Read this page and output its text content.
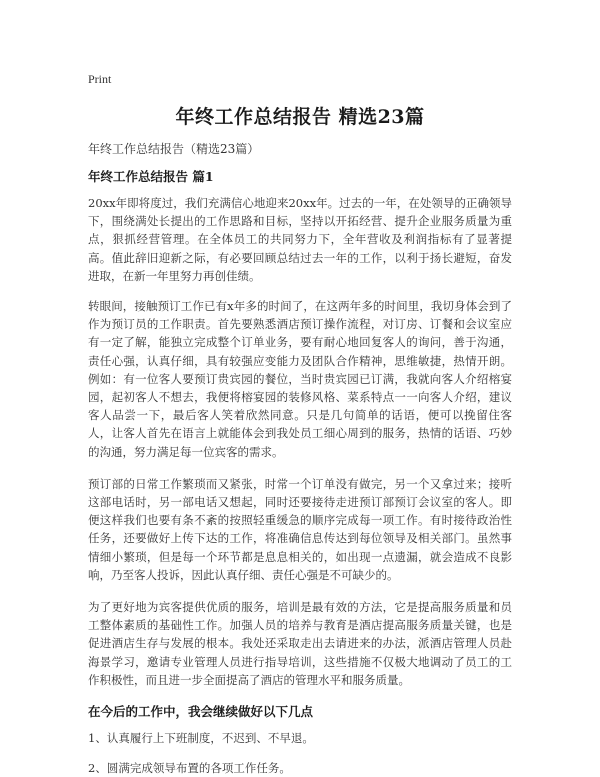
Print
年终工作总结报告 精选23篇
年终工作总结报告（精选23篇）
年终工作总结报告 篇1

20xx年即将度过，我们充满信心地迎来20xx年。过去的一年，在处领导的正确领导下，围绕满处长提出的工作思路和目标，坚持以开拓经营、提升企业服务质量为重点，狠抓经营管理。在全体员工的共同努力下，全年营收及利润指标有了显著提高。值此辞旧迎新之际，有必要回顾总结过去一年的工作，以利于扬长避短，奋发进取，在新一年里努力再创佳绩。

转眼间，接触预订工作已有x年多的时间了，在这两年多的时间里，我切身体会到了作为预订员的工作职责。首先要熟悉酒店预订操作流程，对订房、订餐和会议室应有一定了解，能独立完成整个订单业务，要有耐心地回复客人的询问，善于沟通，责任心强，认真仔细，具有较强应变能力及团队合作精神，思维敏捷，热情开朗。例如：有一位客人要预订贵宾园的餐位，当时贵宾园已订满，我就向客人介绍榕宴园，起初客人不想去，我便将榕宴园的装修风格、菜系特点一一向客人介绍，建议客人品尝一下，最后客人笑着欣然同意。只是几句简单的话语，便可以挽留住客人，让客人首先在语言上就能体会到我处员工细心周到的服务，热情的话语、巧妙的沟通，努力满足每一位宾客的需求。

预订部的日常工作繁琐而又紧张，时常一个订单没有做完，另一个又拿过来；接听这部电话时，另一部电话又想起，同时还要接待走进预订部预订会议室的客人。即便这样我们也要有条不紊的按照轻重缓急的顺序完成每一项工作。有时接待政治性任务，还要做好上传下达的工作，将准确信息传达到每位领导及相关部门。虽然事情细小繁琐，但是每一个环节都是息息相关的，如出现一点遗漏，就会造成不良影响，乃至客人投诉，因此认真仔细、责任心强是不可缺少的。

为了更好地为宾客提供优质的服务，培训是最有效的方法，它是提高服务质量和员工整体素质的基础性工作。加强人员的培养与教育是酒店提高服务质量关键，也是促进酒店生存与发展的根本。我处还采取走出去请进来的办法，派酒店管理人员赴海景学习，邀请专业管理人员进行指导培训，这些措施不仅极大地调动了员工的工作积极性，而且进一步全面提高了酒店的管理水平和服务质量。

在今后的工作中，我会继续做好以下几点
1、认真履行上下班制度，不迟到、不早退。
2、圆满完成领导布置的各项工作任务。
